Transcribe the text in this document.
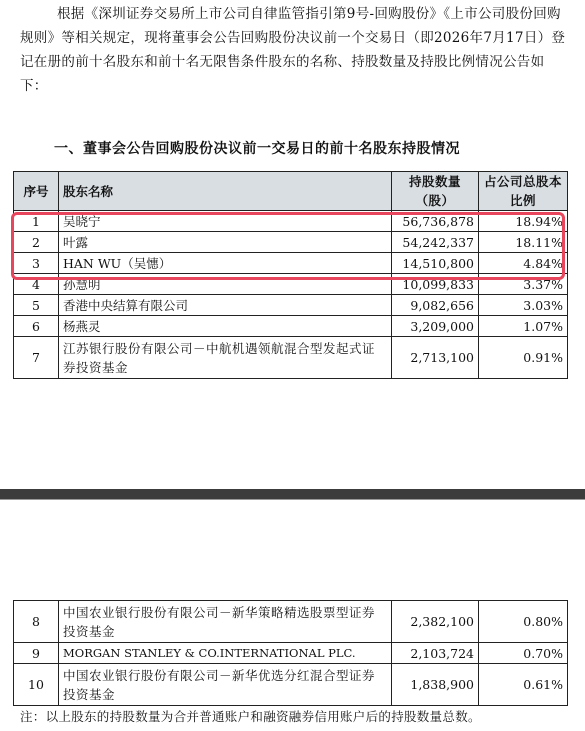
根据《深圳证券交易所上市公司自律监管指引第9号-回购股份》《上市公司股份回购规则》等相关规定，现将董事会公告回购股份决议前一个交易日（即2026年7月17日）登记在册的前十名股东和前十名无限售条件股东的名称、持股数量及持股比例情况公告如下：

一、董事会公告回购股份决议前一交易日的前十名股东持股情况
序号	股东名称	持股数量（股）	占公司总股本比例
1	吴晓宁	56,736,878	18.94%
2	叶露	54,242,337	18.11%
3	HAN WU（吴憓）	14,510,800	4.84%
4	孙慧明	10,099,833	3.37%
5	香港中央结算有限公司	9,082,656	3.03%
6	杨燕灵	3,209,000	1.07%
7	江苏银行股份有限公司－中航机遇领航混合型发起式证券投资基金	2,713,100	0.91%
8	中国农业银行股份有限公司－新华策略精选股票型证券投资基金	2,382,100	0.80%
9	MORGAN STANLEY & CO.INTERNATIONAL PLC.	2,103,724	0.70%
10	中国农业银行股份有限公司－新华优选分红混合型证券投资基金	1,838,900	0.61%
注：以上股东的持股数量为合并普通账户和融资融券信用账户后的持股数量总数。
